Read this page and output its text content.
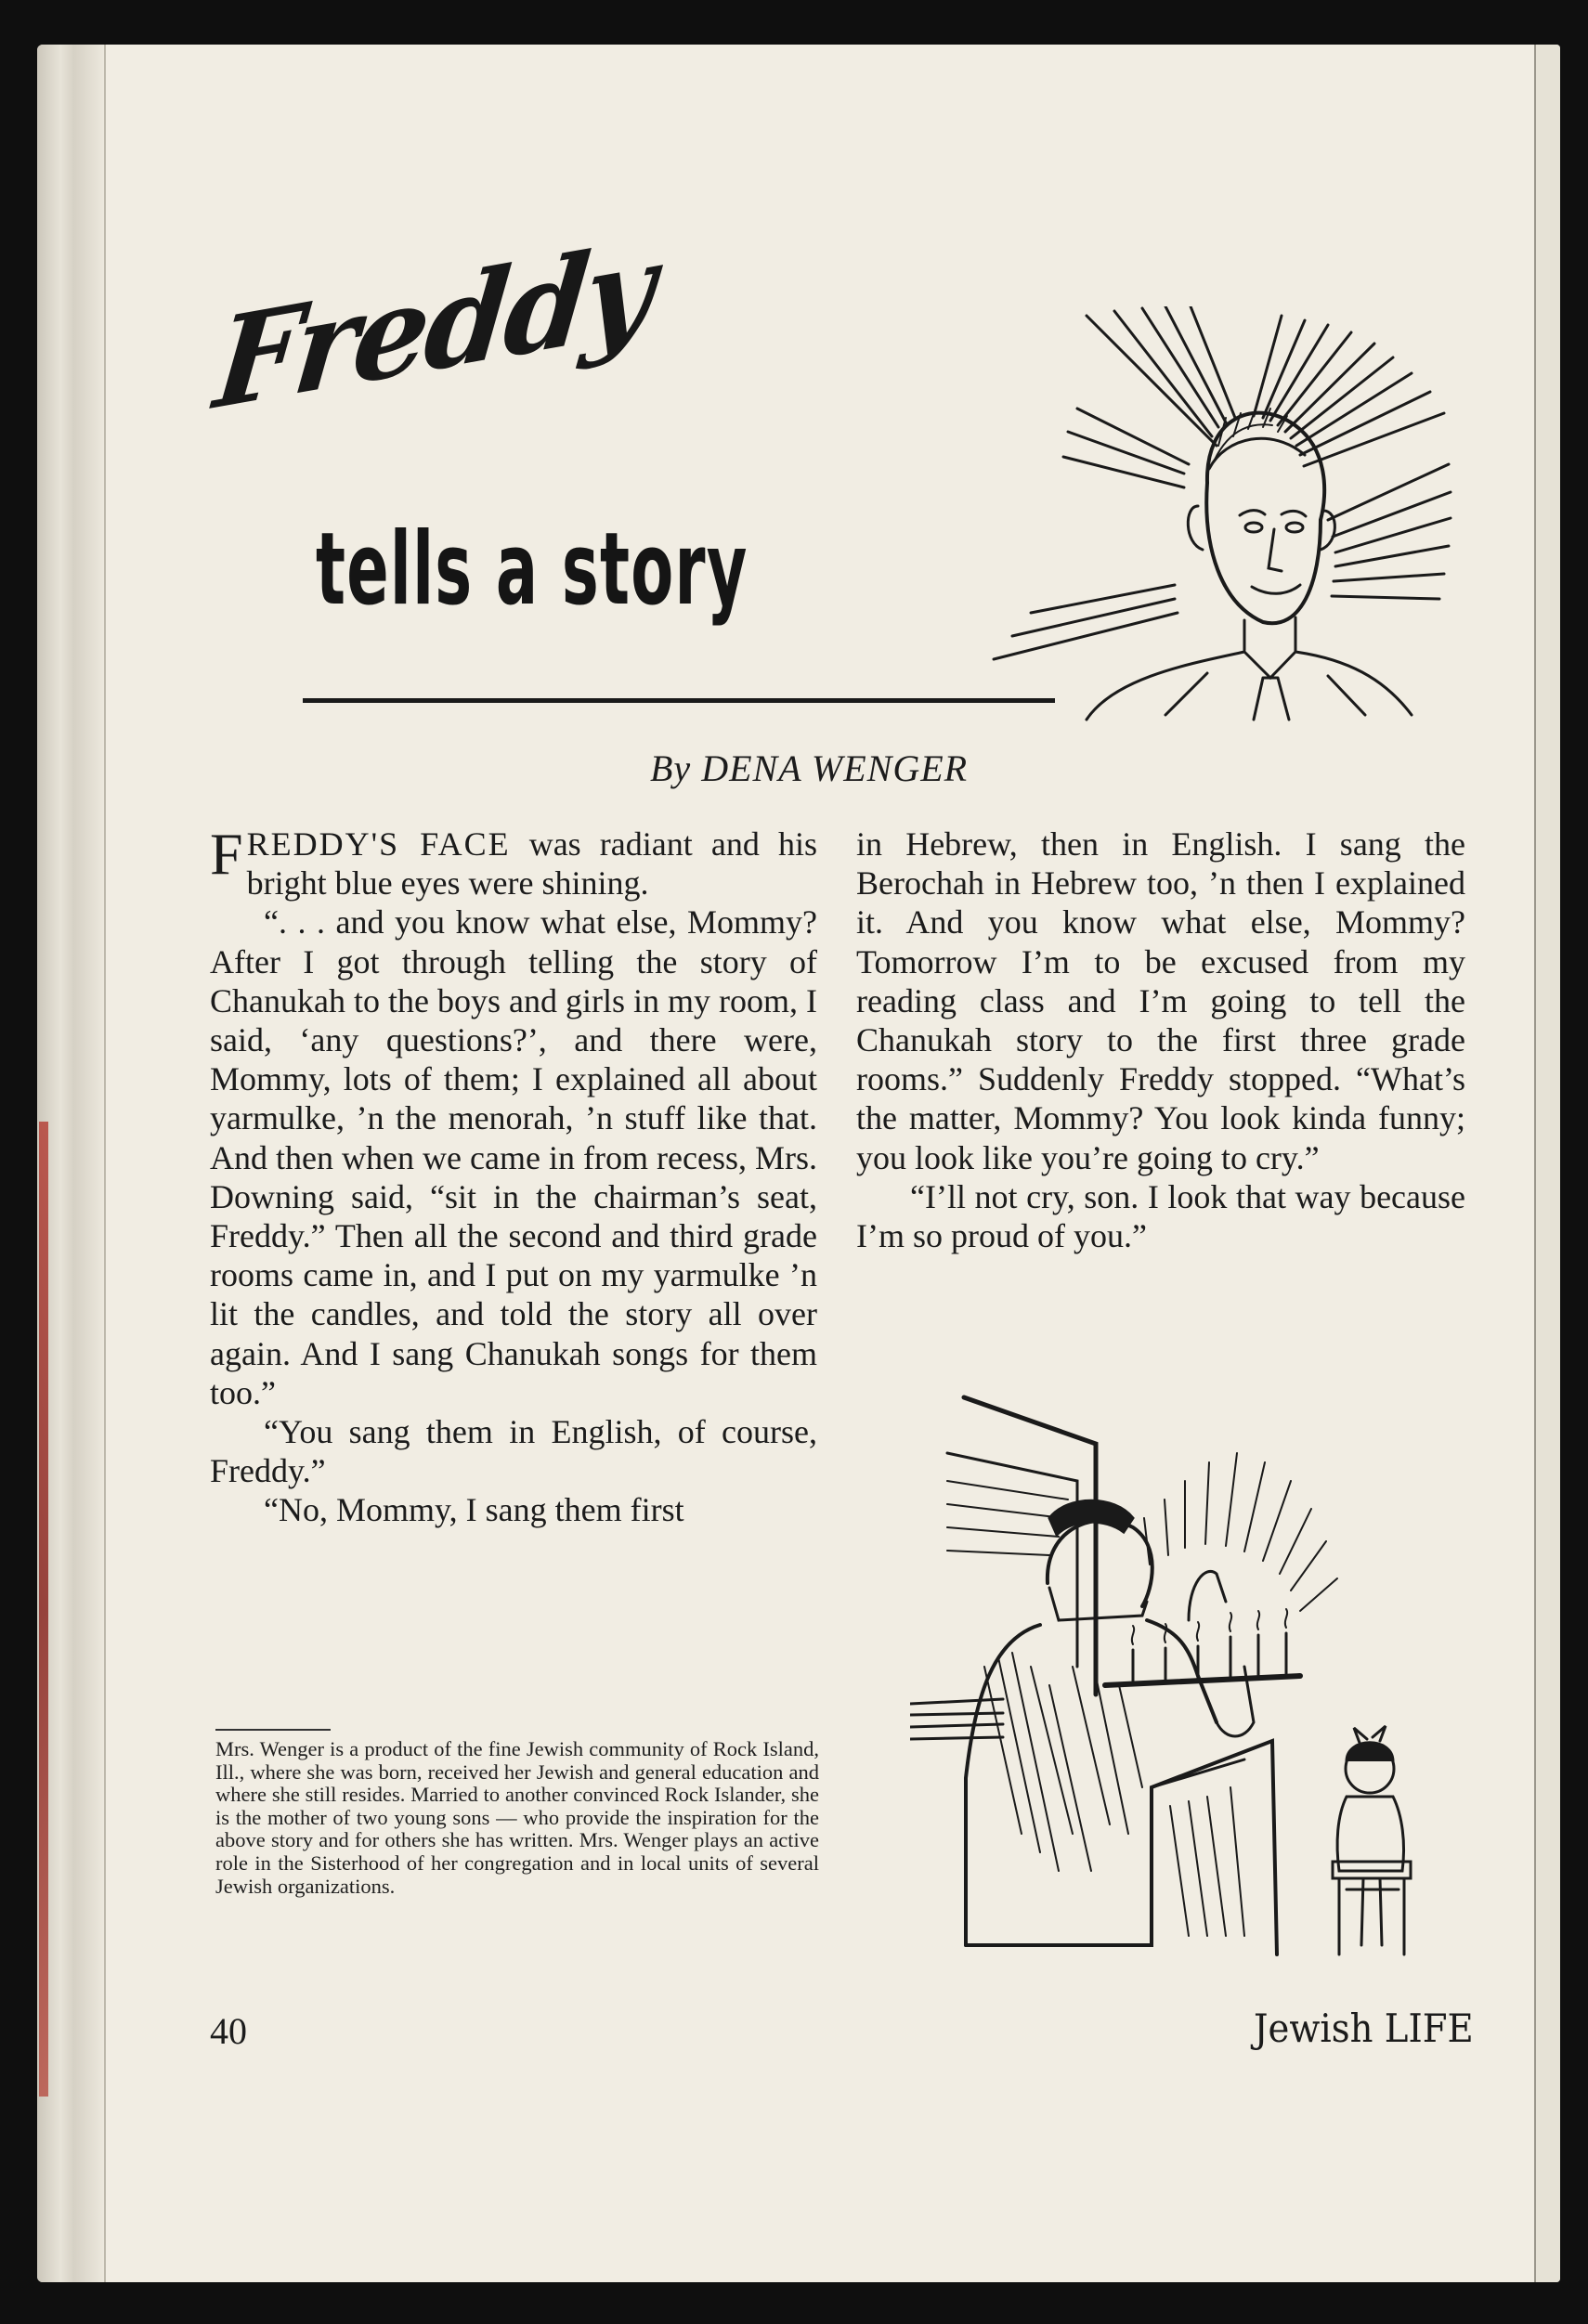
Freddy
tells a story
By DENA WENGER

FREDDY'S FACE was radiant and his bright blue eyes were shining.

“. . . and you know what else, Mommy? After I got through telling the story of Chanukah to the boys and girls in my room, I said, ‘any questions?’, and there were, Mommy, lots of them; I explained all about yarmulke, ’n the menorah, ’n stuff like that. And then when we came in from recess, Mrs. Downing said, “sit in the chairman’s seat, Freddy.” Then all the second and third grade rooms came in, and I put on my yarmulke ’n lit the candles, and told the story all over again. And I sang Chanukah songs for them too.”

“You sang them in English, of course, Freddy.”

“No, Mommy, I sang them first

in Hebrew, then in English. I sang the Berochah in Hebrew too, ’n then I explained it. And you know what else, Mommy? Tomorrow I’m to be excused from my reading class and I’m going to tell the Chanukah story to the first three grade rooms.” Suddenly Freddy stopped. “What’s the matter, Mommy? You look kinda funny; you look like you’re going to cry.”

“I’ll not cry, son. I look that way because I’m so proud of you.”

Mrs. Wenger is a product of the fine Jewish community of Rock Island, Ill., where she was born, received her Jewish and general education and where she still resides. Married to another convinced Rock Islander, she is the mother of two young sons — who provide the inspiration for the above story and for others she has written. Mrs. Wenger plays an active role in the Sisterhood of her congregation and in local units of several Jewish organizations.
40	Jewish LIFE
